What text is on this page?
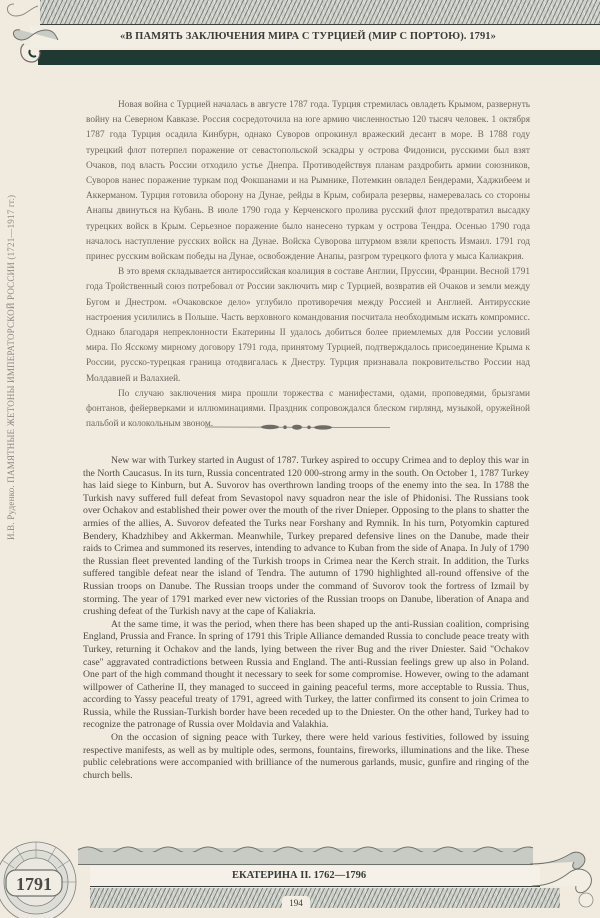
«В ПАМЯТЬ ЗАКЛЮЧЕНИЯ МИРА С ТУРЦИЕЙ (МИР С ПОРТОЮ). 1791»
И.В. Руденко. ПАМЯТНЫЕ ЖЕТОНЫ ИМПЕРАТОРСКОЙ РОССИИ (1721—1917 гг.)

Новая война с Турцией началась в августе 1787 года. Турция стремилась овладеть Крымом, развернуть войну на Северном Кавказе. Россия сосредоточила на юге армию численностью 120 тысяч человек. 1 октября 1787 года Турция осадила Кинбурн, однако Суворов опрокинул вражеский десант в море. В 1788 году турецкий флот потерпел поражение от севастопольской эскадры у острова Фидониси, русскими был взят Очаков, под власть России отходило устье Днепра. Противодействуя планам раздробить армии союзников, Суворов нанес поражение туркам под Фокшанами и на Рымнике, Потемкин овладел Бендерами, Хаджибеем и Аккерманом. Турция готовила оборону на Дунае, рейды в Крым, собирала резервы, намеревалась со стороны Анапы двинуться на Кубань. В июле 1790 года у Керченского пролива русский флот предотвратил высадку турецких войск в Крым. Серьезное поражение было нанесено туркам у острова Тендра. Осенью 1790 года началось наступление русских войск на Дунае. Войска Суворова штурмом взяли крепость Измаил. 1791 год принес русским войскам победы на Дунае, освобождение Анапы, разгром турецкого флота у мыса Калиакрия.

В это время складывается антироссийская коалиция в составе Англии, Пруссии, Франции. Весной 1791 года Тройственный союз потребовал от России заключить мир с Турцией, возвратив ей Очаков и земли между Бугом и Днестром. «Очаковское дело» углубило противоречия между Россией и Англией. Антирусские настроения усилились в Польше. Часть верховного командования посчитала необходимым искать компромисс. Однако благодаря непреклонности Екатерины II удалось добиться более приемлемых для России условий мира. По Ясскому мирному договору 1791 года, принятому Турцией, подтверждалось присоединение Крыма к России, русско-турецкая граница отодвигалась к Днестру. Турция признавала покровительство России над Молдавией и Валахией.

По случаю заключения мира прошли торжества с манифестами, одами, проповедями, брызгами фонтанов, фейерверками и иллюминациями. Праздник сопровождался блеском гирлянд, музыкой, оружейной пальбой и колокольным звоном.

New war with Turkey started in August of 1787. Turkey aspired to occupy Crimea and to deploy this war in the North Caucasus. In its turn, Russia concentrated 120 000-strong army in the south. On October 1, 1787 Turkey has laid siege to Kinburn, but A. Suvorov has overthrown landing troops of the enemy into the sea. In 1788 the Turkish navy suffered full defeat from Sevastopol navy squadron near the isle of Phidonisi. The Russians took over Ochakov and established their power over the mouth of the river Dnieper. Opposing to the plans to shatter the armies of the allies, A. Suvorov defeated the Turks near Forshany and Rymnik. In his turn, Potyomkin captured Bendery, Khadzhibey and Akkerman. Meanwhile, Turkey prepared defensive lines on the Danube, made their raids to Crimea and summoned its reserves, intending to advance to Kuban from the side of Anapa. In July of 1790 the Russian fleet prevented landing of the Turkish troops in Crimea near the Kerch strait. In addition, the Turks suffered tangible defeat near the island of Tendra. The autumn of 1790 highlighted all-round offensive of the Russian troops on Danube. The Russian troops under the command of Suvorov took the fortress of Izmail by storming. The year of 1791 marked ever new victories of the Russian troops on Danube, liberation of Anapa and crushing defeat of the Turkish navy at the cape of Kaliakria.

At the same time, it was the period, when there has been shaped up the anti-Russian coalition, comprising England, Prussia and France. In spring of 1791 this Triple Alliance demanded Russia to conclude peace treaty with Turkey, returning it Ochakov and the lands, lying between the river Bug and the river Dniester. Said "Ochakov case" aggravated contradictions between Russia and England. The anti-Russian feelings grew up also in Poland. One part of the high command thought it necessary to seek for some compromise. However, owing to the adamant willpower of Catherine II, they managed to succeed in gaining peaceful terms, more acceptable to Russia. Thus, according to Yassy peaceful treaty of 1791, agreed with Turkey, the latter confirmed its consent to join Crimea to Russia, while the Russian-Turkish border have been receded up to the Dniester. On the other hand, Turkey had to recognize the patronage of Russia over Moldavia and Valakhia.

On the occasion of signing peace with Turkey, there were held various festivities, followed by issuing respective manifests, as well as by multiple odes, sermons, fountains, fireworks, illuminations and the like. These public celebrations were accompanied with brilliance of the numerous garlands, music, gunfire and ringing of the church bells.

ЕКАТЕРИНА II. 1762—1796
194
1791
